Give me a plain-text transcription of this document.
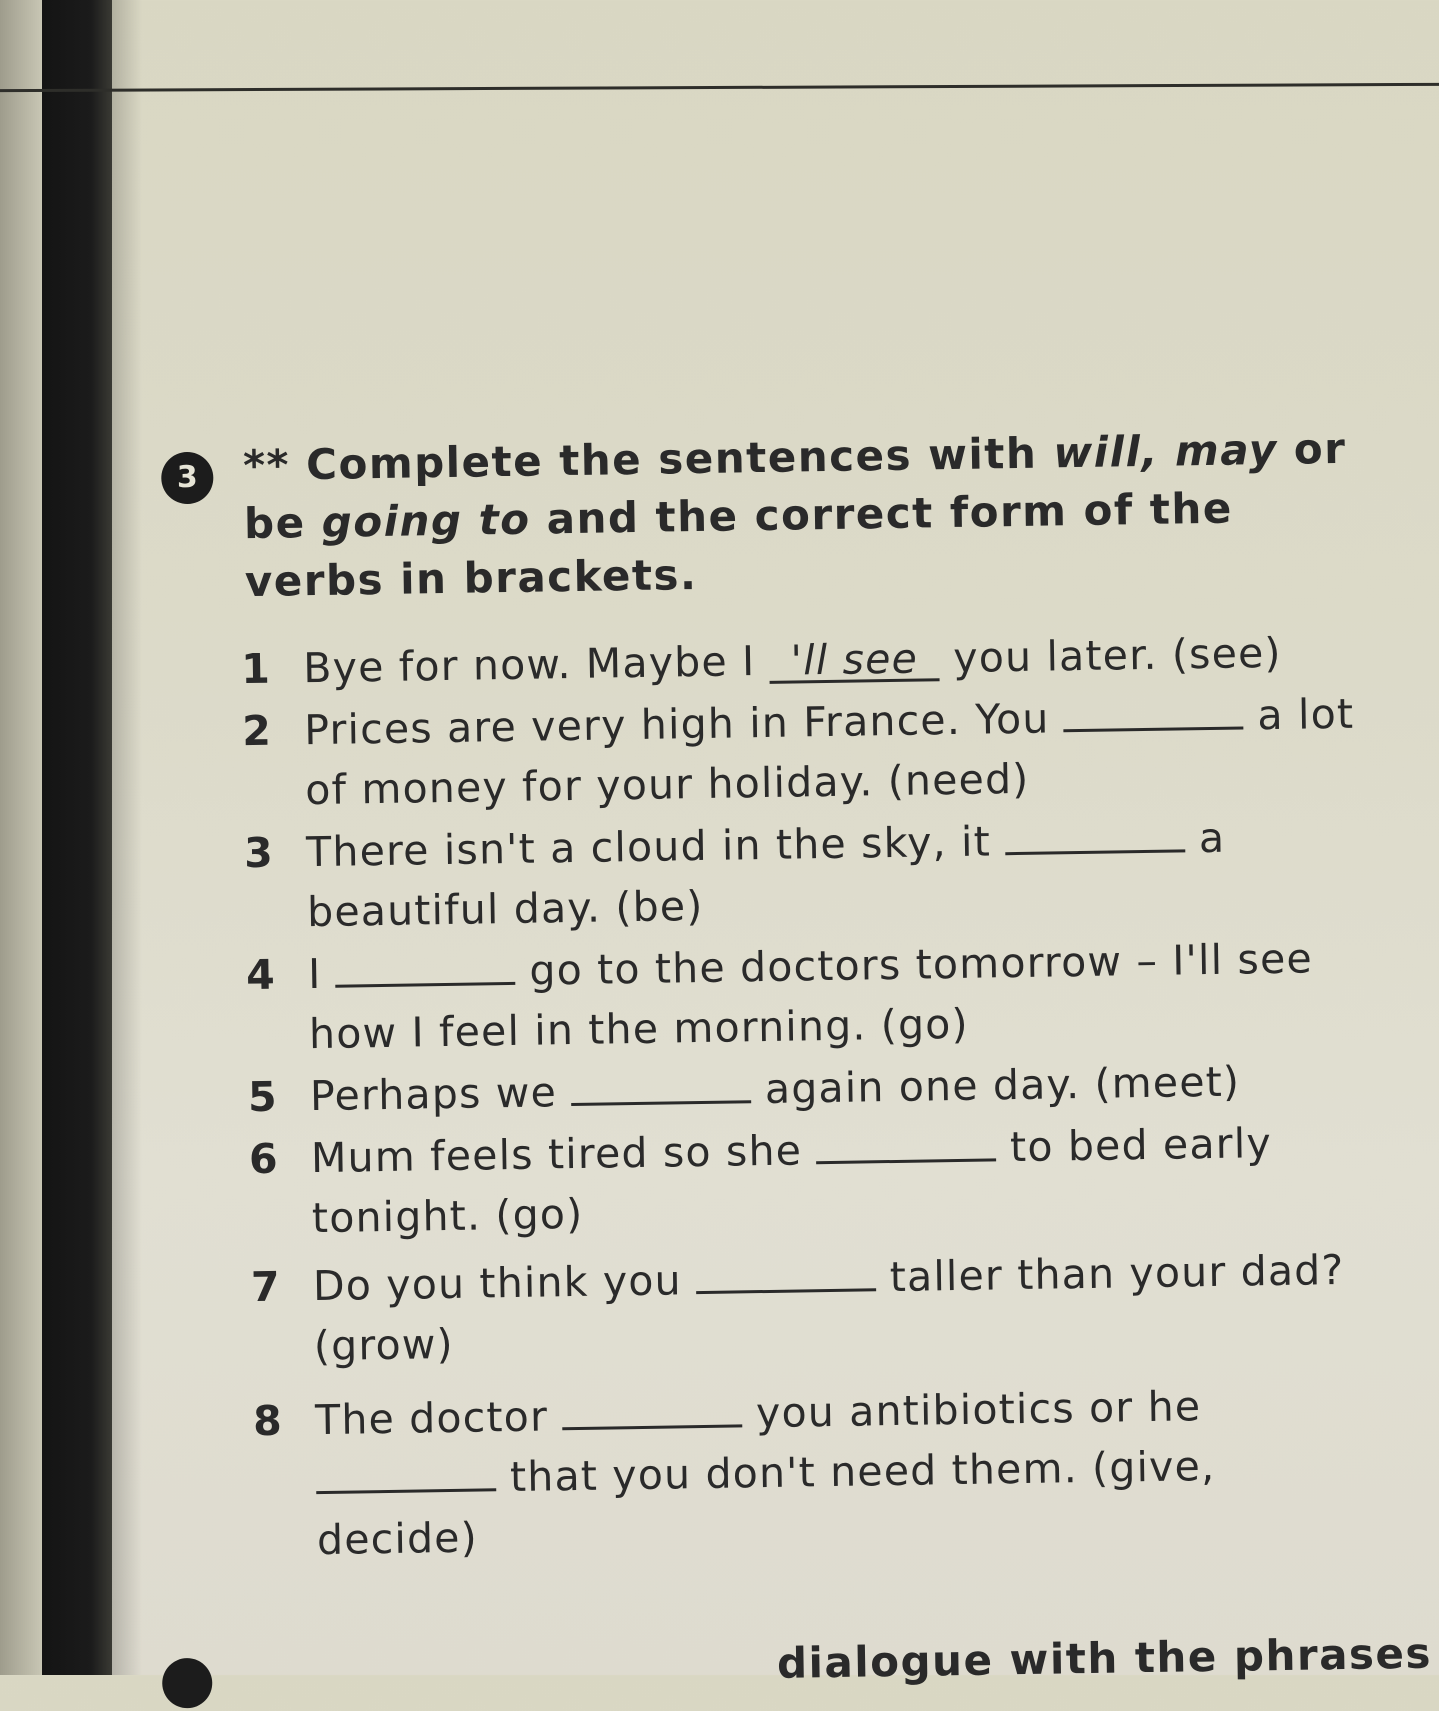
3	** Complete the sentences with will, may or be going to and the correct form of the verbs in brackets.
1 Bye for now. Maybe I 'll see you later. (see)
2 Prices are very high in France. You	a lot
of money for your holiday. (need)
3 There isn't a cloud in the sky, it	a
beautiful day. (be)
4 I	go to the doctors tomorrow – I'll see
how I feel in the morning. (go)
5 Perhaps we	again one day. (meet)
6 Mum feels tired so she	to bed early
tonight. (go)
7 Do you think you	taller than your dad?
(grow)
8 The doctor	you antibiotics or he
that you don't need them. (give,
decide)
dialogue with the phrases
